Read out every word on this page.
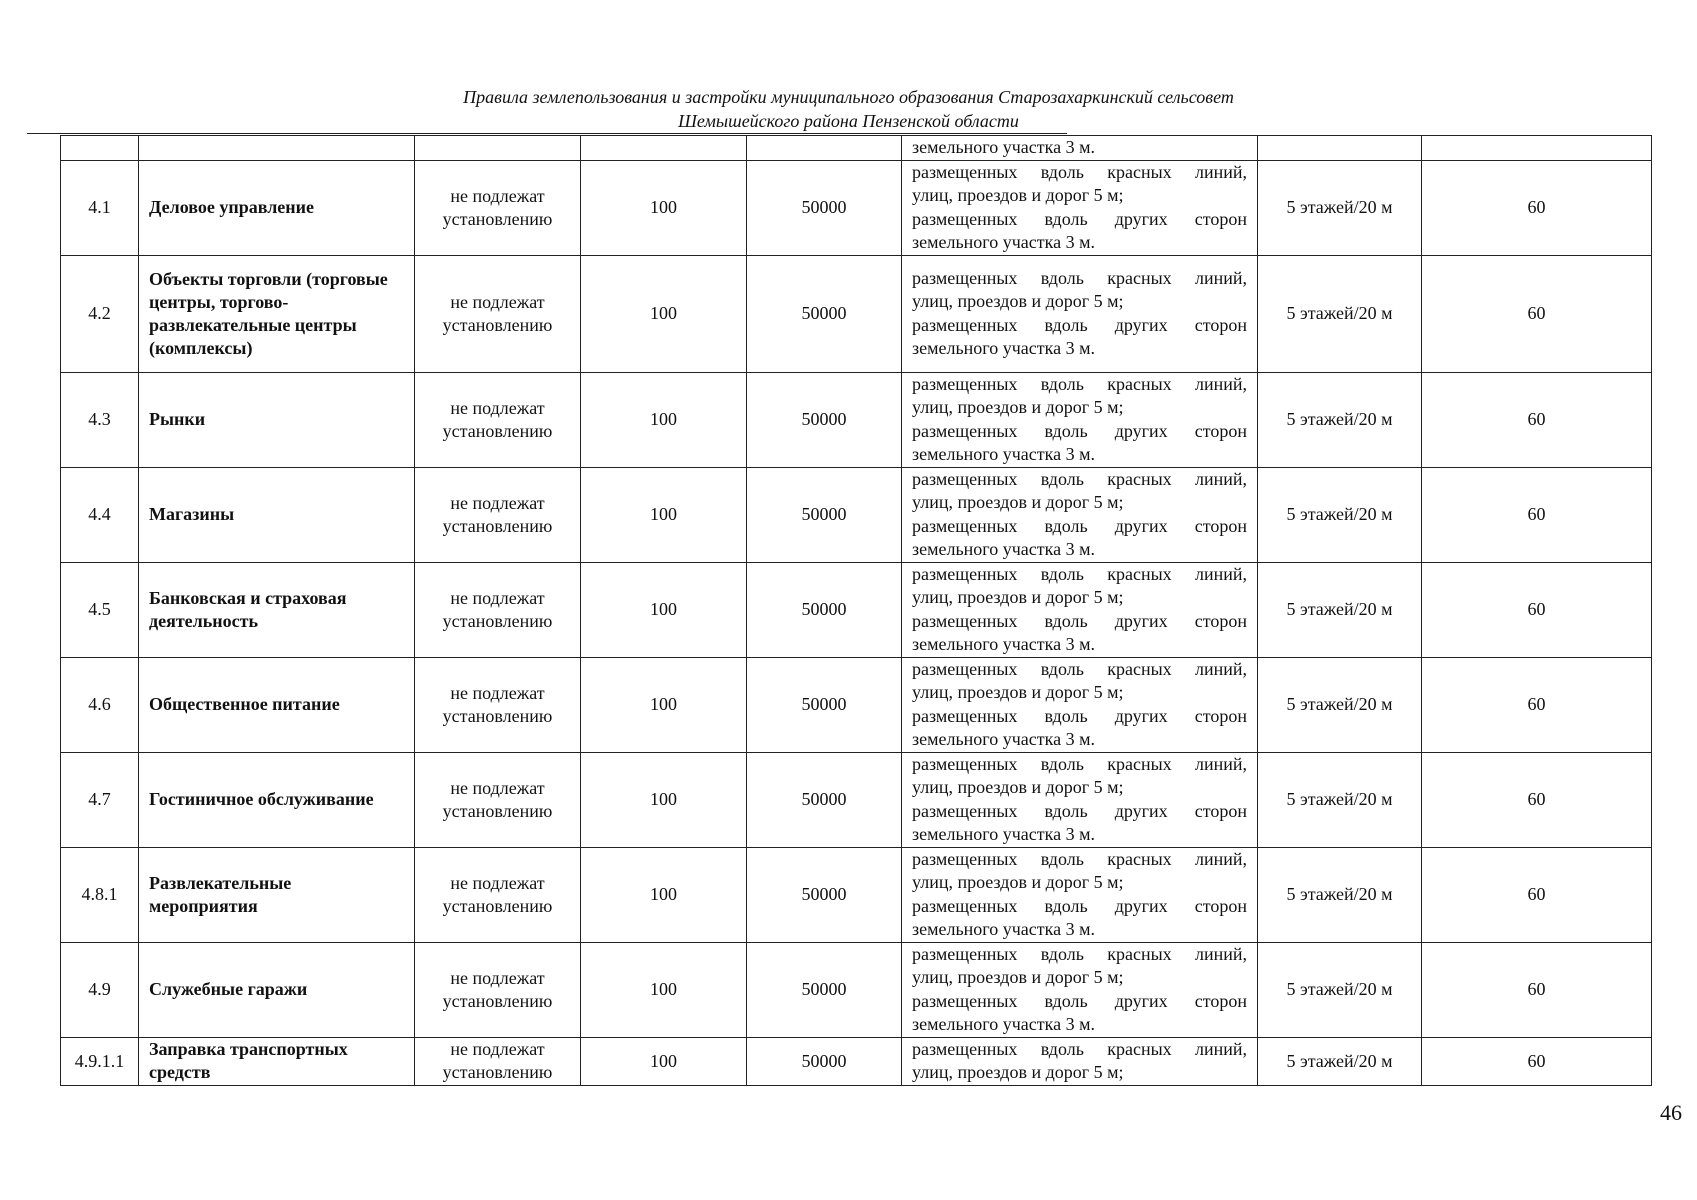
Правила землепользования и застройки муниципального образования Старозахаркинский сельсовет
Шемышейского района Пензенской области

					земельного участка 3 м.		

4.1	Деловое управление	не подлежат установлению	100	50000	размещенных вдоль красных линий,
улиц, проездов и дорог 5 м;
размещенных вдоль других сторон
земельного участка 3 м.	5 этажей/20 м	60
4.2	Объекты торговли (торговые центры, торгово-развлекательные центры (комплексы)	не подлежат установлению	100	50000	размещенных вдоль красных линий,
улиц, проездов и дорог 5 м;
размещенных вдоль других сторон
земельного участка 3 м.	5 этажей/20 м	60
4.3	Рынки	не подлежат установлению	100	50000	размещенных вдоль красных линий,
улиц, проездов и дорог 5 м;
размещенных вдоль других сторон
земельного участка 3 м.	5 этажей/20 м	60
4.4	Магазины	не подлежат установлению	100	50000	размещенных вдоль красных линий,
улиц, проездов и дорог 5 м;
размещенных вдоль других сторон
земельного участка 3 м.	5 этажей/20 м	60
4.5	Банковская и страховая деятельность	не подлежат установлению	100	50000	размещенных вдоль красных линий,
улиц, проездов и дорог 5 м;
размещенных вдоль других сторон
земельного участка 3 м.	5 этажей/20 м	60
4.6	Общественное питание	не подлежат установлению	100	50000	размещенных вдоль красных линий,
улиц, проездов и дорог 5 м;
размещенных вдоль других сторон
земельного участка 3 м.	5 этажей/20 м	60
4.7	Гостиничное обслуживание	не подлежат установлению	100	50000	размещенных вдоль красных линий,
улиц, проездов и дорог 5 м;
размещенных вдоль других сторон
земельного участка 3 м.	5 этажей/20 м	60
4.8.1	Развлекательные мероприятия	не подлежат установлению	100	50000	размещенных вдоль красных линий,
улиц, проездов и дорог 5 м;
размещенных вдоль других сторон
земельного участка 3 м.	5 этажей/20 м	60
4.9	Служебные гаражи	не подлежат установлению	100	50000	размещенных вдоль красных линий,
улиц, проездов и дорог 5 м;
размещенных вдоль других сторон
земельного участка 3 м.	5 этажей/20 м	60
4.9.1.1	Заправка транспортных средств	не подлежат установлению	100	50000	размещенных вдоль красных линий,
улиц, проездов и дорог 5 м;	5 этажей/20 м	60
46
